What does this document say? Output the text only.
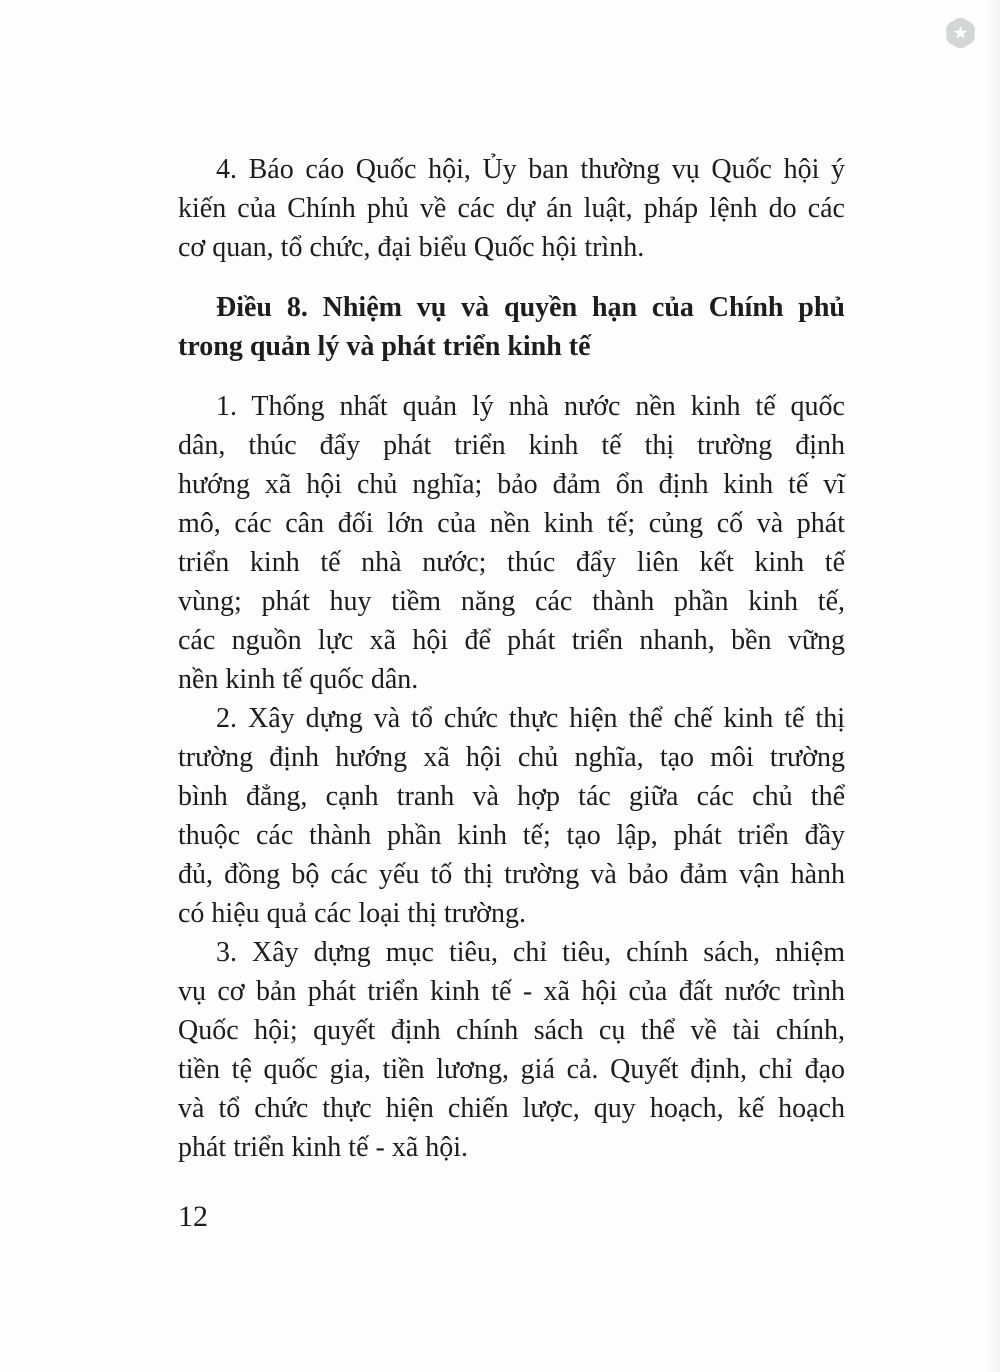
4. Báo cáo Quốc hội, Ủy ban thường vụ Quốc hội ý
kiến của Chính phủ về các dự án luật, pháp lệnh do các
cơ quan, tổ chức, đại biểu Quốc hội trình.
Điều 8. Nhiệm vụ và quyền hạn của Chính phủ
trong quản lý và phát triển kinh tế
1. Thống nhất quản lý nhà nước nền kinh tế quốc
dân, thúc đẩy phát triển kinh tế thị trường định
hướng xã hội chủ nghĩa; bảo đảm ổn định kinh tế vĩ
mô, các cân đối lớn của nền kinh tế; củng cố và phát
triển kinh tế nhà nước; thúc đẩy liên kết kinh tế
vùng; phát huy tiềm năng các thành phần kinh tế,
các nguồn lực xã hội để phát triển nhanh, bền vững
nền kinh tế quốc dân.
2. Xây dựng và tổ chức thực hiện thể chế kinh tế thị
trường định hướng xã hội chủ nghĩa, tạo môi trường
bình đẳng, cạnh tranh và hợp tác giữa các chủ thể
thuộc các thành phần kinh tế; tạo lập, phát triển đầy
đủ, đồng bộ các yếu tố thị trường và bảo đảm vận hành
có hiệu quả các loại thị trường.
3. Xây dựng mục tiêu, chỉ tiêu, chính sách, nhiệm
vụ cơ bản phát triển kinh tế - xã hội của đất nước trình
Quốc hội; quyết định chính sách cụ thể về tài chính,
tiền tệ quốc gia, tiền lương, giá cả. Quyết định, chỉ đạo
và tổ chức thực hiện chiến lược, quy hoạch, kế hoạch
phát triển kinh tế - xã hội.
12
